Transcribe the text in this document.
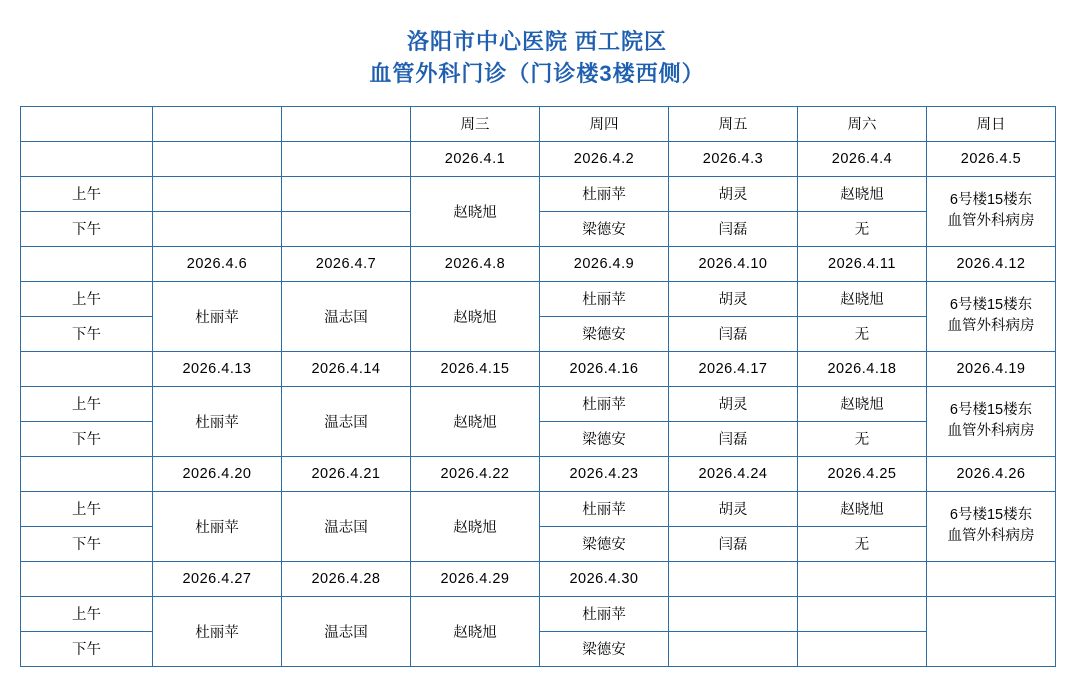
洛阳市中心医院 西工院区
血管外科门诊（门诊楼3楼西侧）
			周三	周四	周五	周六	周日
			2026.4.1	2026.4.2	2026.4.3	2026.4.4	2026.4.5
上午			赵晓旭	杜丽苹	胡灵	赵晓旭	6号楼15楼东
血管外科病房
下午				梁德安	闫磊	无	
	2026.4.6	2026.4.7	2026.4.8	2026.4.9	2026.4.10	2026.4.11	2026.4.12
上午	杜丽苹	温志国	赵晓旭	杜丽苹	胡灵	赵晓旭	6号楼15楼东
血管外科病房
下午				梁德安	闫磊	无	
	2026.4.13	2026.4.14	2026.4.15	2026.4.16	2026.4.17	2026.4.18	2026.4.19
上午	杜丽苹	温志国	赵晓旭	杜丽苹	胡灵	赵晓旭	6号楼15楼东
血管外科病房
下午				梁德安	闫磊	无	
	2026.4.20	2026.4.21	2026.4.22	2026.4.23	2026.4.24	2026.4.25	2026.4.26
上午	杜丽苹	温志国	赵晓旭	杜丽苹	胡灵	赵晓旭	6号楼15楼东
血管外科病房
下午				梁德安	闫磊	无	
	2026.4.27	2026.4.28	2026.4.29	2026.4.30			
上午	杜丽苹	温志国	赵晓旭	杜丽苹			
下午				梁德安			
